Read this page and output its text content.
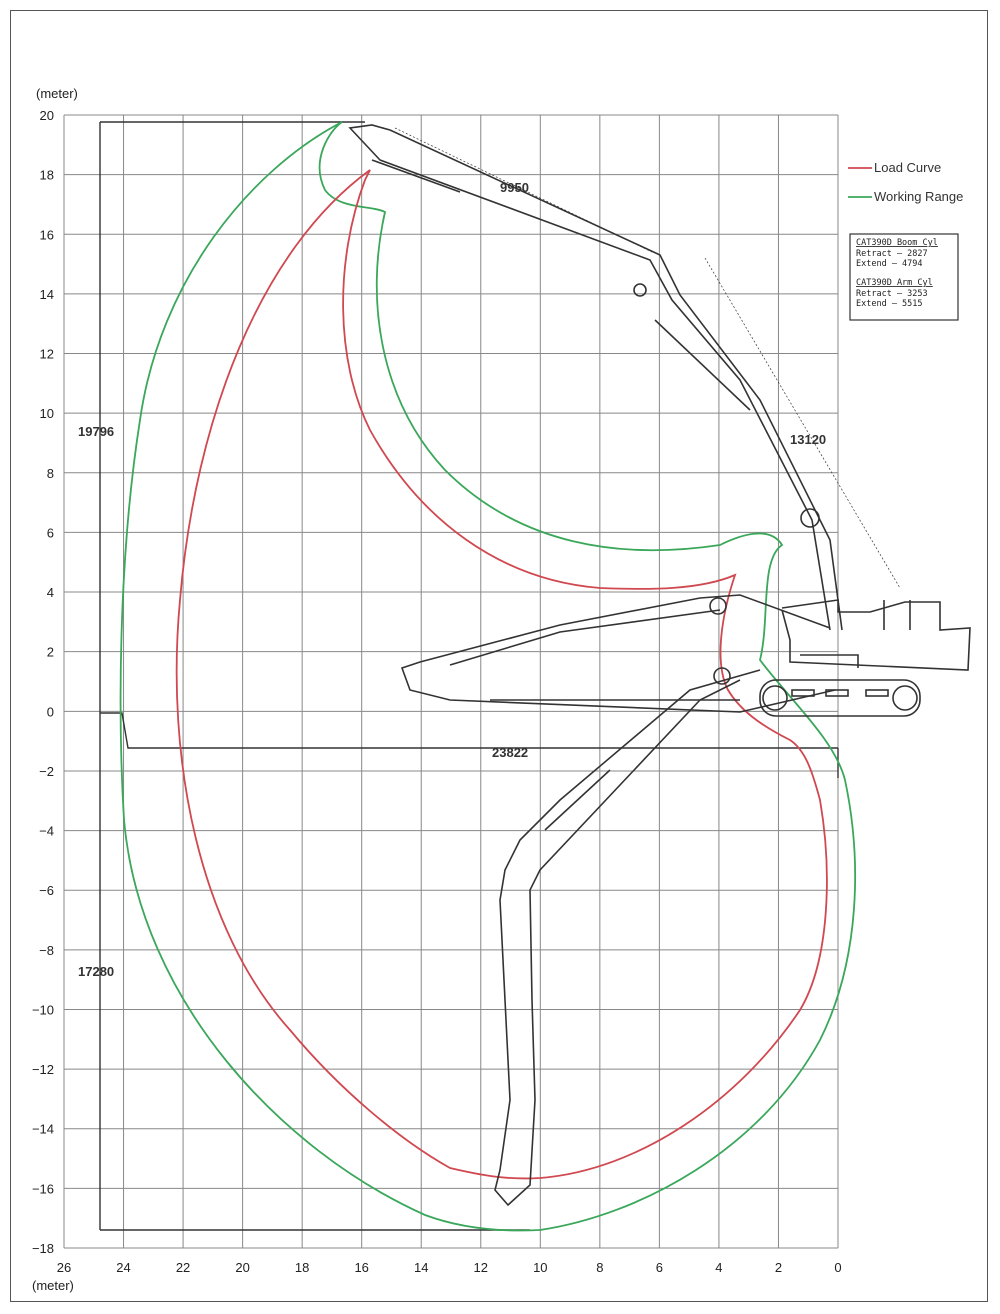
26	24	22	20	18	16	14	12	10	8	6	4	2	0
20
18
16
14
12
10
8
6
4
2
0
−2
−4
−6
−8
−10
−12
−14
−16
−18
(meter)
(meter)
9950
13120
19796
23822
17280
Load Curve
Working Range
CAT390D Boom Cyl
Retract – 2827
Extend – 4794
CAT390D Arm Cyl
Retract – 3253
Extend – 5515
